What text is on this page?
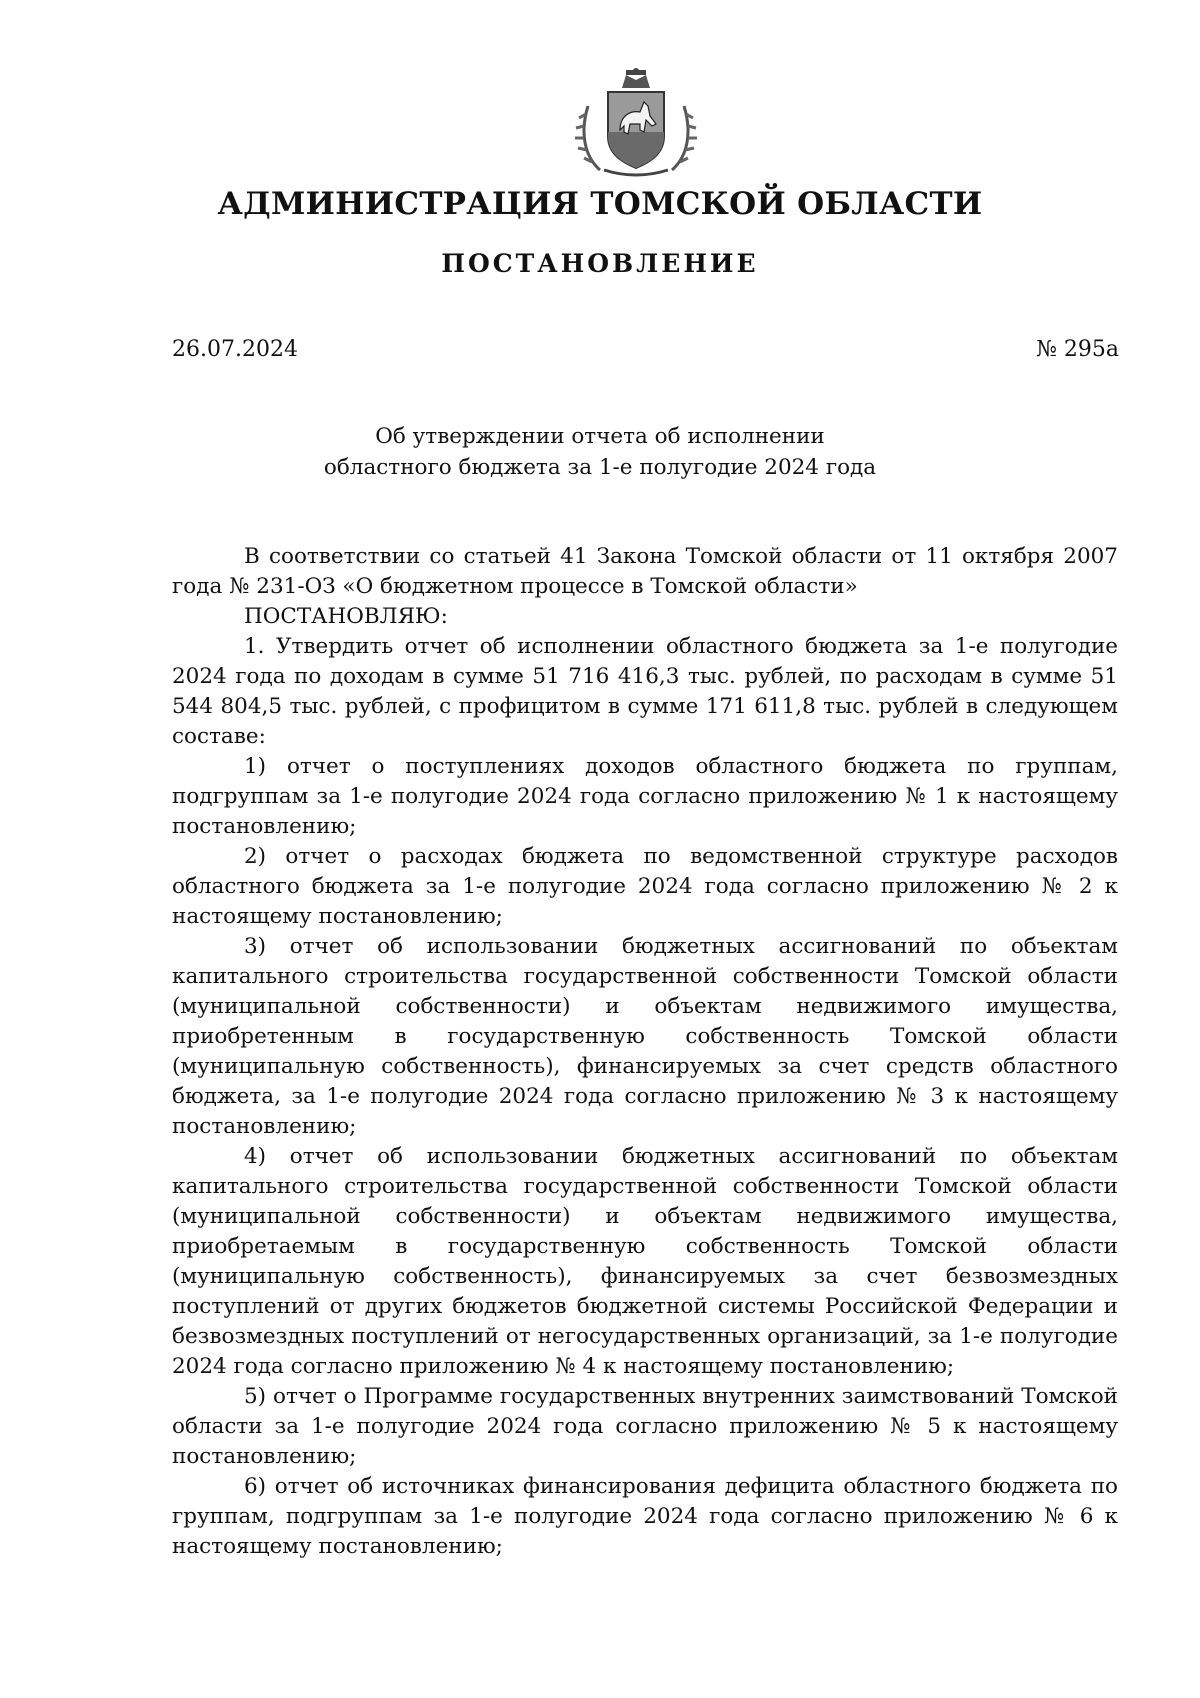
АДМИНИСТРАЦИЯ ТОМСКОЙ ОБЛАСТИ
ПОСТАНОВЛЕНИЕ
26.07.2024	№ 295а
Об утверждении отчета об исполнении
областного бюджета за 1-е полугодие 2024 года

В соответствии со статьей 41 Закона Томской области от 11 октября 2007 года № 231-ОЗ «О бюджетном процессе в Томской области»

ПОСТАНОВЛЯЮ:

1. Утвердить отчет об исполнении областного бюджета за 1-е полугодие 2024 года по доходам в сумме 51 716 416,3 тыс. рублей, по расходам в сумме 51 544 804,5 тыс. рублей, с профицитом в сумме 171 611,8 тыс. рублей в следующем составе:

1) отчет о поступлениях доходов областного бюджета по группам, подгруппам за 1-е полугодие 2024 года согласно приложению № 1 к настоящему постановлению;

2) отчет о расходах бюджета по ведомственной структуре расходов областного бюджета за 1-е полугодие 2024 года согласно приложению № 2 к настоящему постановлению;

3) отчет об использовании бюджетных ассигнований по объектам капитального строительства государственной собственности Томской области (муниципальной собственности) и объектам недвижимого имущества, приобретенным в государственную собственность Томской области (муниципальную собственность), финансируемых за счет средств областного бюджета, за 1-е полугодие 2024 года согласно приложению № 3 к настоящему постановлению;

4) отчет об использовании бюджетных ассигнований по объектам капитального строительства государственной собственности Томской области (муниципальной собственности) и объектам недвижимого имущества, приобретаемым в государственную собственность Томской области (муниципальную собственность), финансируемых за счет безвозмездных поступлений от других бюджетов бюджетной системы Российской Федерации и безвозмездных поступлений от негосударственных организаций, за 1-е полугодие 2024 года согласно приложению № 4 к настоящему постановлению;

5) отчет о Программе государственных внутренних заимствований Томской области за 1-е полугодие 2024 года согласно приложению № 5 к настоящему постановлению;

6) отчет об источниках финансирования дефицита областного бюджета по группам, подгруппам за 1-е полугодие 2024 года согласно приложению № 6 к настоящему постановлению;
